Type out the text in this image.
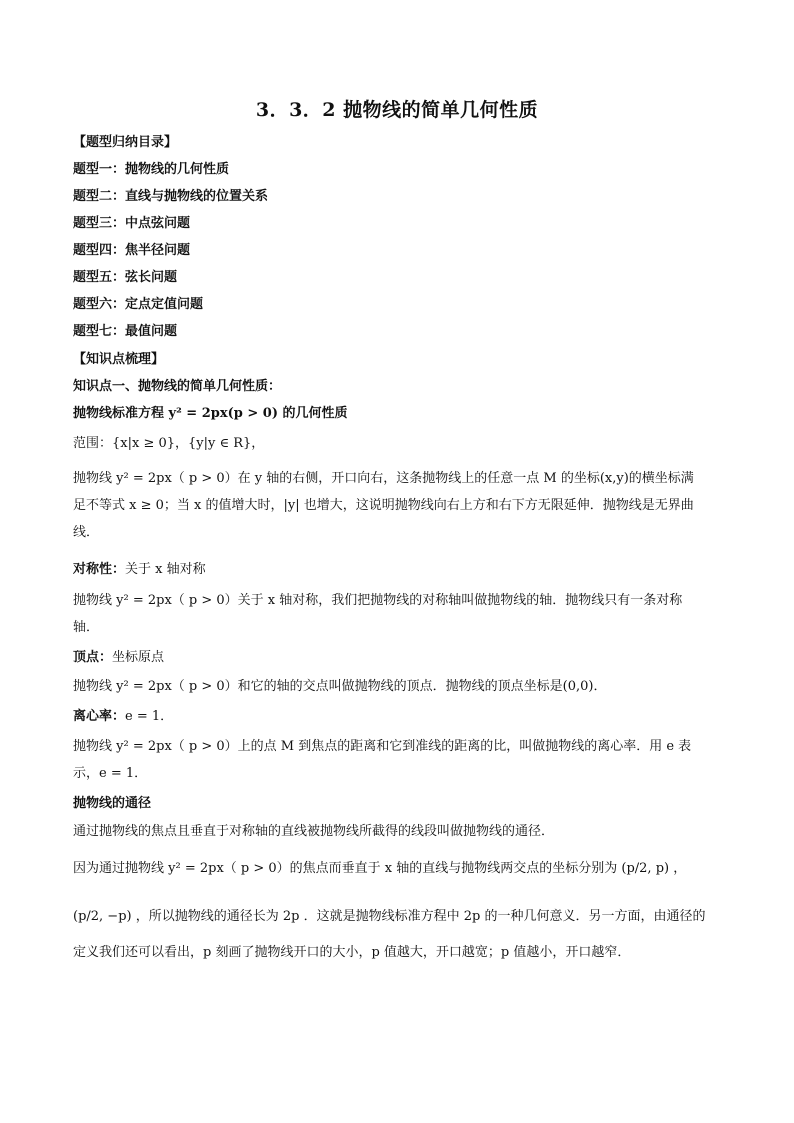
3．3．2 抛物线的简单几何性质
【题型归纳目录】
题型一：抛物线的几何性质
题型二：直线与抛物线的位置关系
题型三：中点弦问题
题型四：焦半径问题
题型五：弦长问题
题型六：定点定值问题
题型七：最值问题
【知识点梳理】
知识点一、抛物线的简单几何性质：
抛物线标准方程 y² = 2px(p > 0) 的几何性质
范围：{x|x ≥ 0}，{y|y ∈ R}，
抛物线 y² = 2px（ p > 0）在 y 轴的右侧，开口向右，这条抛物线上的任意一点 M 的坐标(x,y)的横坐标满
足不等式 x ≥ 0；当 x 的值增大时，|y| 也增大，这说明抛物线向右上方和右下方无限延伸．抛物线是无界曲
线．
对称性：关于 x 轴对称
抛物线 y² = 2px（ p > 0）关于 x 轴对称，我们把抛物线的对称轴叫做抛物线的轴．抛物线只有一条对称
轴．
顶点：坐标原点
抛物线 y² = 2px（ p > 0）和它的轴的交点叫做抛物线的顶点．抛物线的顶点坐标是(0,0)．
离心率：e = 1．
抛物线 y² = 2px（ p > 0）上的点 M 到焦点的距离和它到准线的距离的比，叫做抛物线的离心率．用 e 表
示，e = 1．
抛物线的通径
通过抛物线的焦点且垂直于对称轴的直线被抛物线所截得的线段叫做抛物线的通径．
因为通过抛物线 y² = 2px（ p > 0）的焦点而垂直于 x 轴的直线与抛物线两交点的坐标分别为 (p/2, p) ，
(p/2, −p) ，所以抛物线的通径长为 2p ．这就是抛物线标准方程中 2p 的一种几何意义．另一方面，由通径的
定义我们还可以看出，p 刻画了抛物线开口的大小，p 值越大，开口越宽；p 值越小，开口越窄．
